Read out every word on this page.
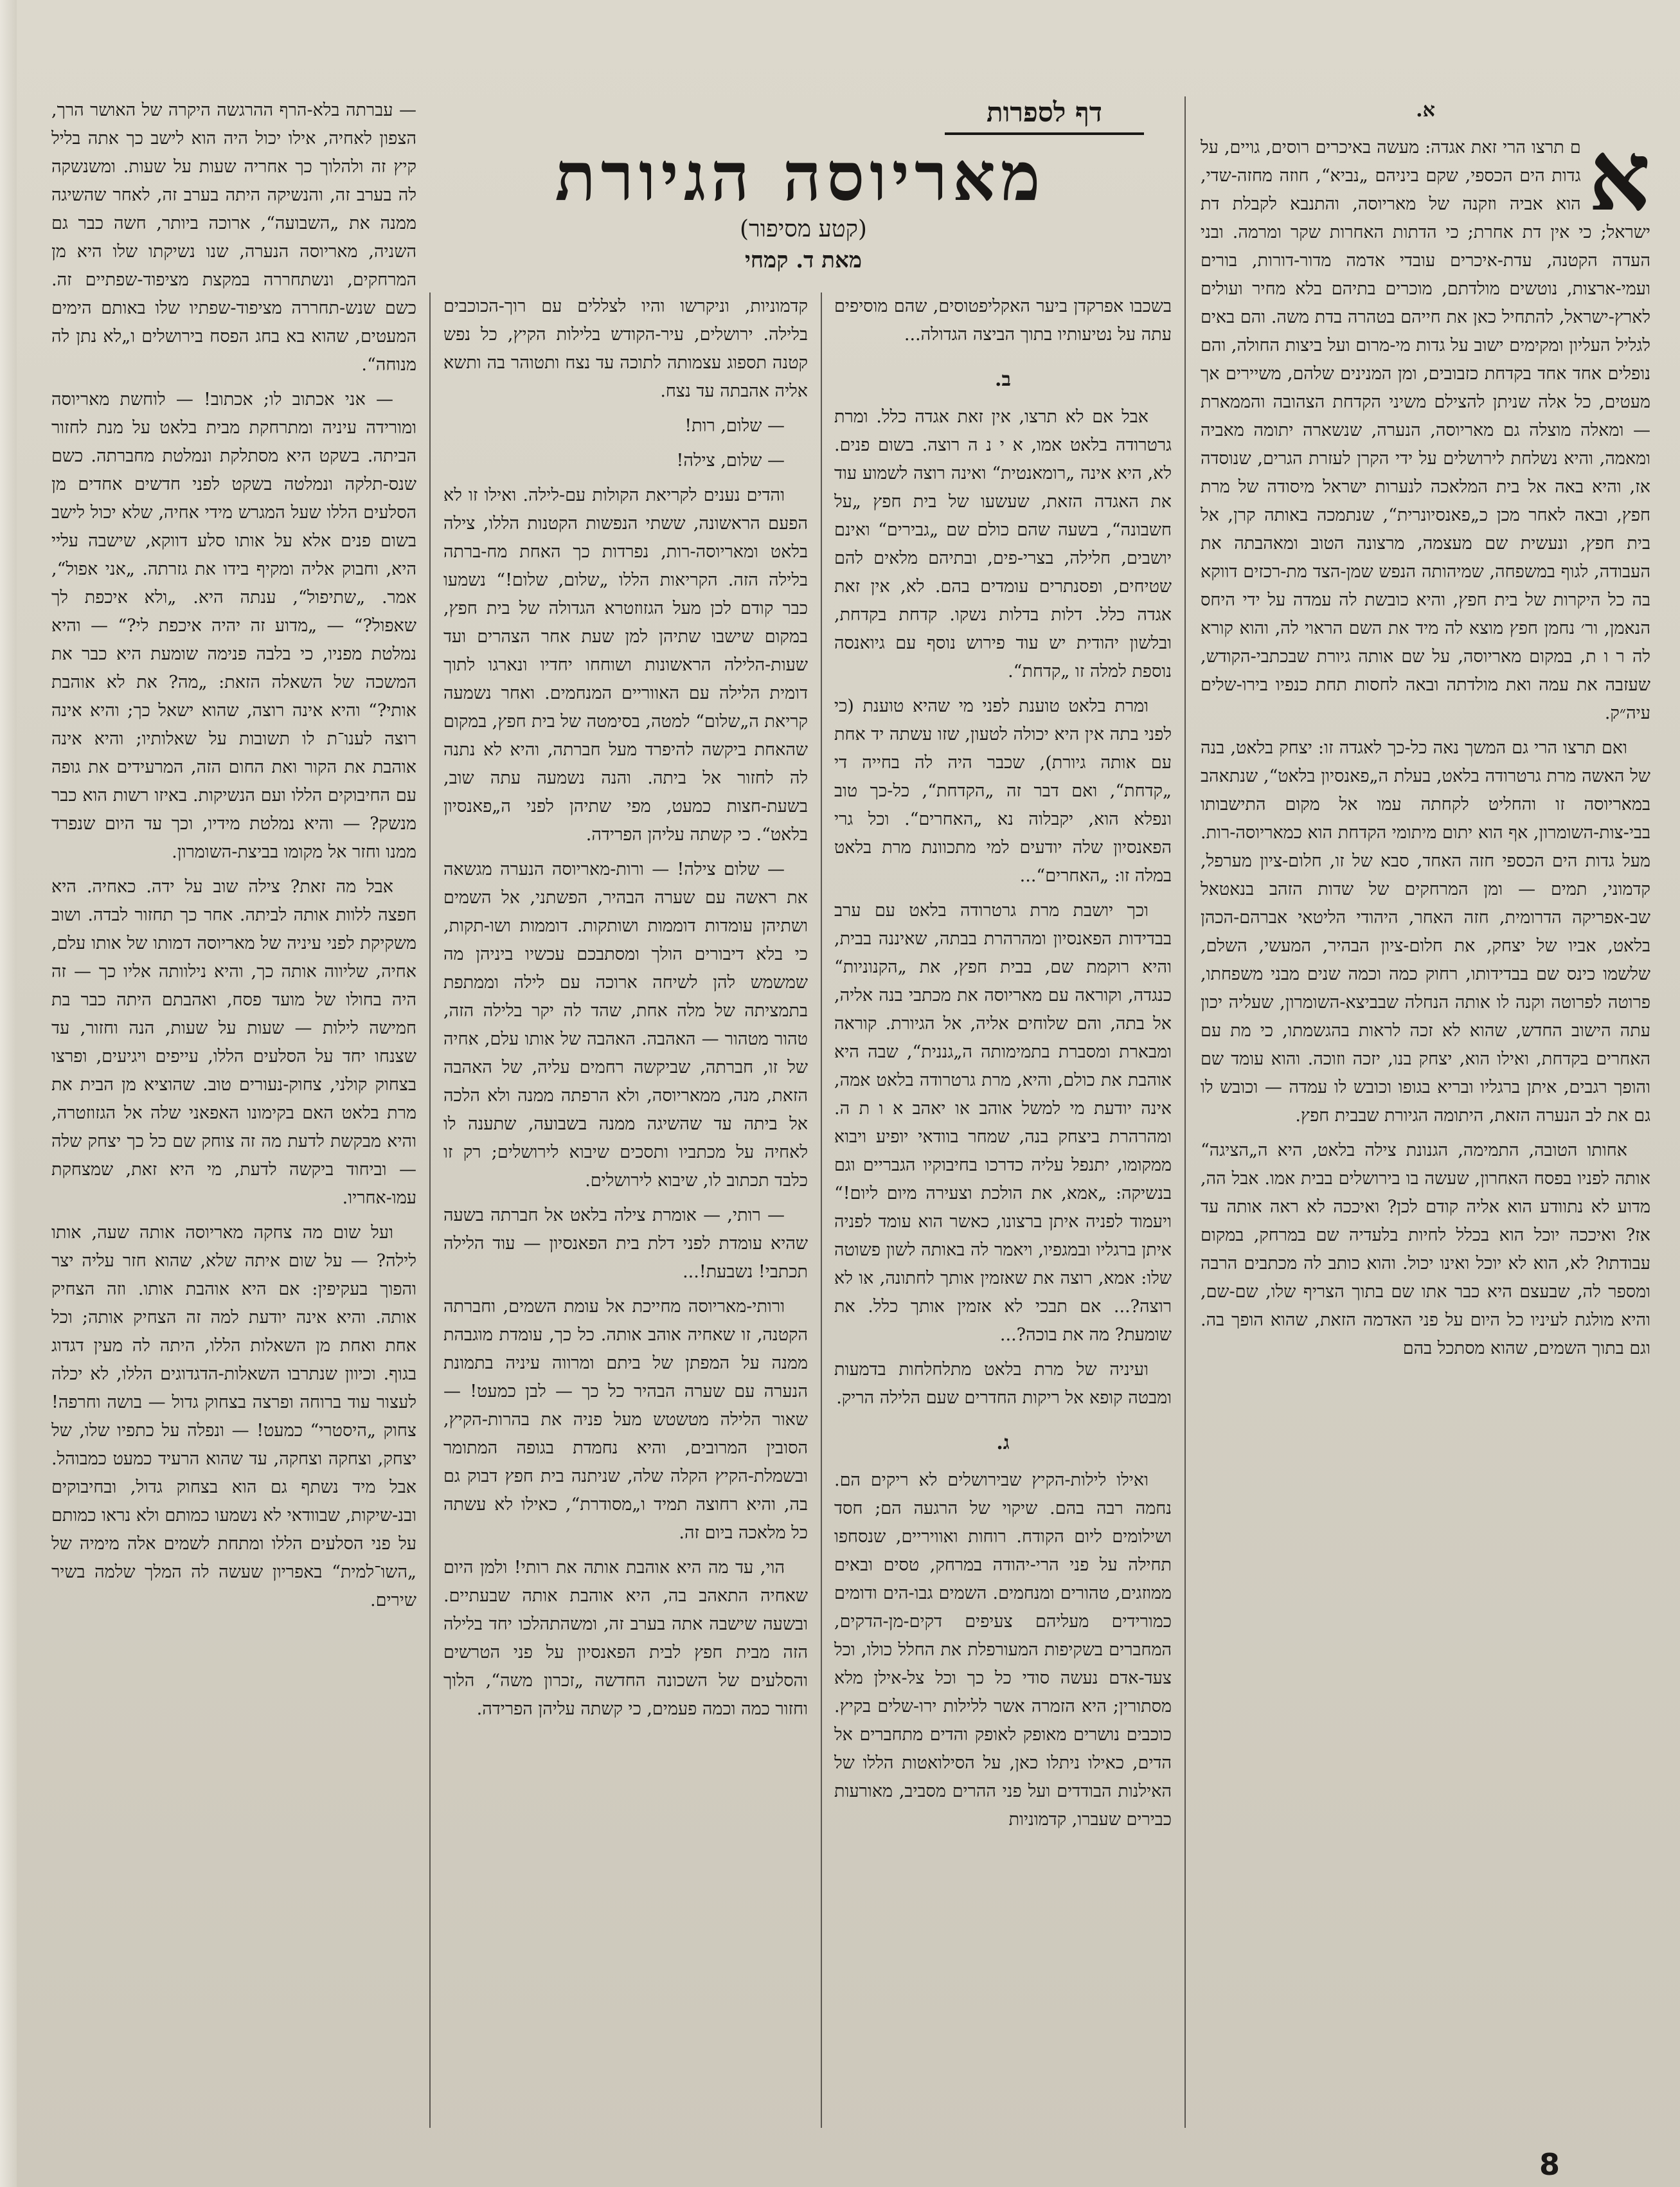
דף לספרות
מאריוסה הגיורת
(קטע מסיפור)
מאת ד. קמחי
א.
א

ם תרצו הרי זאת אגדה: מעשה באיכרים רוסים, גויים, על גדות הים הכספי, שקם ביניהם „נביא“, חוזה מחזה-שדי, הוא אביה וזקנה של מאריוסה, והתנבא לקבלת דת ישראל; כי אין דת אחרת; כי הדתות האחרות שקר ומרמה. ובני העדה הקטנה, עדת-איכרים עובדי אדמה מדור-דורות, בורים ועמי-ארצות, נוטשים מולדתם, מוכרים בתיהם בלא מחיר ועולים לארץ-ישראל, להתחיל כאן את חייהם בטהרה בדת משה. והם באים לגליל העליון ומקימים ישוב על גדות מי-מרום ועל ביצות החולה, והם נופלים אחד אחד בקדחת כזבובים, ומן המנינים שלהם, משיירים אך מעטים, כל אלה שניתן להצילם משיני הקדחת הצהובה והממארת — ומאלה מוצלה גם מאריוסה, הנערה, שנשארה יתומה מאביה ומאמה, והיא נשלחת לירושלים על ידי הקרן לעזרת הגרים, שנוסדה אז, והיא באה אל בית המלאכה לנערות ישראל מיסודה של מרת חפץ, ובאה לאחר מכן כ„פאנסיונרית“, שנתמכה באותה קרן, אל בית חפץ, ונעשית שם מעצמה, מרצונה הטוב ומאהבתה את העבודה, לגוף במשפחה, שמיהותה הנפש שמן-הצד מת-רכזים דווקא בה כל היקרות של בית חפץ, והיא כובשת לה עמדה על ידי היחס הנאמן, ור׳ נחמן חפץ מוצא לה מיד את השם הראוי לה, והוא קורא לה ר ו ת, במקום מאריוסה, על שם אותה גיורת שבכתבי-הקודש, שעזבה את עמה ואת מולדתה ובאה לחסות תחת כנפיו בירו-שלים עיה״ק.

ואם תרצו הרי גם המשך נאה כל-כך לאגדה זו: יצחק בלאט, בנה של האשה מרת גרטרודה בלאט, בעלת ה„פאנסיון בלאט“, שנתאהב במאריוסה זו והחליט לקחתה עמו אל מקום התישבותו בבי-צות-השומרון, אף הוא יתום מיתומי הקדחת הוא כמאריוסה-רות. מעל גדות הים הכספי חזה האחד, סבא של זו, חלום-ציון מערפל, קדמוני, תמים — ומן המרחקים של שדות הזהב בנאטאל שב-אפריקה הדרומית, חזה האחר, היהודי הליטאי אברהם-הכהן בלאט, אביו של יצחק, את חלום-ציון הבהיר, המעשי, השלם, שלשמו כינס שם בבדידותו, רחוק כמה וכמה שנים מבני משפחתו, פרוטה לפרוטה וקנה לו אותה הנחלה שבביצא-השומרון, שעליה יכון עתה הישוב החדש, שהוא לא זכה לראות בהגשמתו, כי מת עם האחרים בקדחת, ואילו הוא, יצחק בנו, יזכה וזוכה. והוא עומד שם והופך רגבים, איתן ברגליו ובריא בגופו וכובש לו עמדה — וכובש לו גם את לב הנערה הזאת, היתומה הגיורת שבבית חפץ.

אחותו הטובה, התמימה, הגנונת צילה בלאט, היא ה„הציגה“ אותה לפניו בפסח האחרון, שעשה בו בירושלים בבית אמו. אבל הה, מדוע לא נתוודע הוא אליה קודם לכן? ואיככה לא ראה אותה עד אז? ואיככה יוכל הוא בכלל לחיות בלעדיה שם במרחק, במקום עבודתו? לא, הוא לא יוכל ואינו יכול. והוא כותב לה מכתבים הרבה ומספר לה, שבעצם היא כבר אתו שם בתוך הצריף שלו, שם-שם, והיא מולגת לעיניו כל היום על פני האדמה הזאת, שהוא הופך בה. וגם בתוך השמים, שהוא מסתכל בהם

בשכבו אפרקדן ביער האקליפטוסים, שהם מוסיפים עתה על נטיעותיו בתוך הביצה הגדולה...

ב.

אבל אם לא תרצו, אין זאת אגדה כלל. ומרת גרטרודה בלאט אמו, א י נ ה רוצה. בשום פנים. לא, היא אינה „רומאנטית“ ואינה רוצה לשמוע עוד את האגדה הזאת, שעשעו של בית חפץ „על חשבונה“, בשעה שהם כולם שם „גבירים“ ואינם יושבים, חלילה, בצרי-פים, ובתיהם מלאים להם שטיחים, ופסנתרים עומדים בהם. לא, אין זאת אגדה כלל. דלות בדלות נשקו. קדחת בקדחת, ובלשון יהודית יש עוד פירוש נוסף עם גיואנסה נוספת למלה זו „קדחת“.

ומרת בלאט טוענת לפני מי שהיא טוענת (כי לפני בתה אין היא יכולה לטעון, שזו עשתה יד אחת עם אותה גיורת), שכבר היה לה בחייה די „קדחת“, ואם דבר זה „הקדחת“, כל-כך טוב ונפלא הוא, יקבלוה נא „האחרים“. וכל גרי הפאנסיון שלה יודעים למי מתכוונת מרת בלאט במלה זו: „האחרים“...

וכך יושבת מרת גרטרודה בלאט עם ערב בבדידות הפאנסיון ומהרהרת בבתה, שאיננה בבית, והיא רוקמת שם, בבית חפץ, את „הקנוניות“ כנגדה, וקוראה עם מאריוסה את מכתבי בנה אליה, אל בתה, והם שלוחים אליה, אל הגיורת. קוראה ומבארת ומסברת בתמימותה ה„גננית“, שבה היא אוהבת את כולם, והיא, מרת גרטרודה בלאט אמה, אינה יודעת מי למשל אוהב או יאהב א ו ת ה. ומהרהרת ביצחק בנה, שמחר בוודאי יופיע ויבוא ממקומו, יתנפל עליה כדרכו בחיבוקיו הגבריים וגם בנשיקה: „אמא, את הולכת וצעירה מיום ליום!“ ויעמוד לפניה איתן ברצונו, כאשר הוא עומד לפניה איתן ברגליו ובמגפיו, ויאמר לה באותה לשון פשוטה שלו: אמא, רוצה את שאזמין אותך לחתונה, או לא רוצה?... אם תבכי לא אזמין אותך כלל. את שומעת? מה את בוכה?...

ועיניה של מרת בלאט מתלחלחות בדמעות ומבטה קופא אל ריקות החדרים שעם הלילה הריק.

ג.

ואילו לילות-הקיץ שבירושלים לא ריקים הם. נחמה רבה בהם. שיקוי של הרגעה הם; חסד ושילומים ליום הקודח. רוחות ואוויריים, שנסחפו תחילה על פני הרי-יהודה במרחק, טסים ובאים ממוזגים, טהורים ומנחמים. השמים גבו-הים ודומים כמורידים מעליהם צעיפים דקים-מן-הדקים, המחברים בשקיפות המעורפלת את החלל כולו, וכל צעד-אדם נעשה סודי כל כך וכל צל-אילן מלא מסתורין; היא הזמרה אשר ללילות ירו-שלים בקיץ. כוכבים נושרים מאופק לאופק והדים מתחברים אל הדים, כאילו ניתלו כאן, על הסילואטות הללו של האילנות הבודדים ועל פני ההרים מסביב, מאורעות כבירים שעברו, קדמוניות

קדמוניות, וניקרשו והיו לצללים עם רוך-הכוכבים בלילה. ירושלים, עיר-הקודש בלילות הקיץ, כל נפש קטנה תספוג עצמותה לתוכה עד נצח ותטוהר בה ותשא אליה אהבתה עד נצח.

— שלום, רות!

— שלום, צילה!

והדים נענים לקריאת הקולות עם-לילה. ואילו זו לא הפעם הראשונה, ששתי הנפשות הקטנות הללו, צילה בלאט ומאריוסה-רות, נפרדות כך האחת מח-ברתה בלילה הזה. הקריאות הללו „שלום, שלום!“ נשמעו כבר קודם לכן מעל הגזוזטרא הגדולה של בית חפץ, במקום שישבו שתיהן למן שעת אחר הצהרים ועד שעות-הלילה הראשונות ושוחחו יחדיו ונארגו לתוך דומית הלילה עם האווריים המנחמים. ואחר נשמעה קריאת ה„שלום“ למטה, בסימטה של בית חפץ, במקום שהאחת ביקשה להיפרד מעל חברתה, והיא לא נתנה לה לחזור אל ביתה. והנה נשמעה עתה שוב, בשעת-חצות כמעט, מפי שתיהן לפני ה„פאנסיון בלאט“. כי קשתה עליהן הפרידה.

— שלום צילה! — ורות-מאריוסה הנערה מגשאה את ראשה עם שערה הבהיר, הפשתני, אל השמים ושתיהן עומדות דוממות ושותקות. דוממות ושו-תקות, כי בלא דיבורים הולך ומסתבכם עכשיו ביניהן מה שמשמש להן לשיחה ארוכה עם לילה וממתפת בתמציתה של מלה אחת, שהד לה יקר בלילה הזה, טהור מטהור — האהבה. האהבה של אותו עלם, אחיה של זו, חברתה, שביקשה רחמים עליה, של האהבה הזאת, מנה, ממאריוסה, ולא הרפתה ממנה ולא הלכה אל ביתה עד שהשיגה ממנה בשבועה, שתענה לו לאחיה על מכתביו ותסכים שיבוא לירושלים; רק זו כלבד תכתוב לו, שיבוא לירושלים.

— רותי, — אומרת צילה בלאט אל חברתה בשעה שהיא עומדת לפני דלת בית הפאנסיון — עוד הלילה תכתבי! נשבעת!...

ורותי-מאריוסה מחייכת אל עומת השמים, וחברתה הקטנה, זו שאחיה אוהב אותה. כל כך, עומדת מוגבהת ממנה על המפתן של ביתם ומרווה עיניה בתמונת הנערה עם שערה הבהיר כל כך — לבן כמעט! — שאור הלילה מטשטש מעל פניה את בהרות-הקיץ, הסובין המרובים, והיא נחמדת בגופה המתומר ובשמלת-הקיץ הקלה שלה, שניתנה בית חפץ דבוק גם בה, והיא רחוצה תמיד ו„מסודרת“, כאילו לא עשתה כל מלאכה ביום זה.

הוי, עד מה היא אוהבת אותה את רותי! ולמן היום שאחיה התאהב בה, היא אוהבת אותה שבעתיים. ובשעה שישבה אתה בערב זה, ומשהתהלכו יחד בלילה הזה מבית חפץ לבית הפאנסיון על פני הטרשים והסלעים של השכונה החדשה „זכרון משה“, הלוך וחזור כמה וכמה פעמים, כי קשתה עליהן הפרידה.

— עברתה בלא-הרף ההרגשה היקרה של האושר הרך, הצפון לאחיה, אילו יכול היה הוא לישב כך אתה בליל קיץ זה ולהלוך כך אחריה שעות על שעות. ומשנשקה לה בערב זה, והנשיקה היתה בערב זה, לאחר שהשיגה ממנה את „השבועה“, ארוכה ביותר, חשה כבר גם השניה, מאריוסה הנערה, שנו נשיקתו שלו היא מן המרחקים, ונשתחררה במקצת מציפוד-שפתיים זה. כשם שנש-תחררה מציפוד-שפתיו שלו באותם הימים המעטים, שהוא בא בחג הפסח בירושלים ו„לא נתן לה מנוחה“.

— אני אכתוב לו; אכתוב! — לוחשת מאריוסה ומורידה עיניה ומתרחקת מבית בלאט על מנת לחזור הביתה. בשקט היא מסתלקת ונמלטת מחברתה. כשם שנס-תלקה ונמלטה בשקט לפני חדשים אחדים מן הסלעים הללו שעל המגרש מידי אחיה, שלא יכול לישב בשום פנים אלא על אותו סלע דווקא, שישבה עליי היא, וחבוק אליה ומקיף בידו את גזרתה. „אני אפול“, אמר. „שתיפול“, ענתה היא. „ולא איכפת לך שאפול?“ — „מדוע זה יהיה איכפת לי?“ — והיא נמלטת מפניו, כי בלבה פנימה שומעת היא כבר את המשכה של השאלה הזאת: „מה? את לא אוהבת אותי?“ והיא אינה רוצה, שהוא ישאל כך; והיא אינה רוצה לענו־ת לו תשובות על שאלותיו; והיא אינה אוהבת את הקור ואת החום הזה, המרעידים את גופה עם החיבוקים הללו ועם הנשיקות. באיזו רשות הוא כבר מנשק? — והיא נמלטת מידיו, וכך עד היום שנפרד ממנו וחזר אל מקומו בביצת-השומרון.

אבל מה זאת? צילה שוב על ידה. כאחיה. היא חפצה ללוות אותה לביתה. אחר כך תחזור לבדה. ושוב משקיקת לפני עיניה של מאריוסה דמותו של אותו עלם, אחיה, שליווה אותה כך, והיא נילוותה אליו כך — זה היה בחולו של מועד פסח, ואהבתם היתה כבר בת חמישה לילות — שעות על שעות, הנה וחזור, עד שצנחו יחד על הסלעים הללו, עייפים ויגיעים, ופרצו בצחוק קולני, צחוק-נעורים טוב. שהוציא מן הבית את מרת בלאט האם בקימונו האפאני שלה אל הגזוזטרה, והיא מבקשת לדעת מה זה צוחק שם כל כך יצחק שלה — וביחוד ביקשה לדעת, מי היא זאת, שמצחקת עמו-אחריו.

ועל שום מה צחקה מאריוסה אותה שעה, אותו לילה? — על שום איתה שלא, שהוא חזר עליה יצר והפוך בעקיפין: אם היא אוהבת אותו. וזה הצחיק אותה. והיא אינה יודעת למה זה הצחיק אותה; וכל אחת ואחת מן השאלות הללו, היתה לה מעין דגדוג בגוף. וכיוון שנתרבו השאלות-הדגדוגים הללו, לא יכלה לעצור עוד ברוחה ופרצה בצחוק גדול — בושה וחרפה! צחוק „היסטרי“ כמעט! — ונפלה על כתפיו שלו, של יצחק, וצחקה וצחקה, עד שהוא הרעיד כמעט כמבוהל. אבל מיד נשתף גם הוא בצחוק גדול, ובחיבוקים ובנ-שיקות, שבוודאי לא נשמעו כמותם ולא נראו כמותם על פני הסלעים הללו ומתחת לשמים אלה מימיה של „השו־למית“ באפריון שעשה לה המלך שלמה בשיר שירים.

8
